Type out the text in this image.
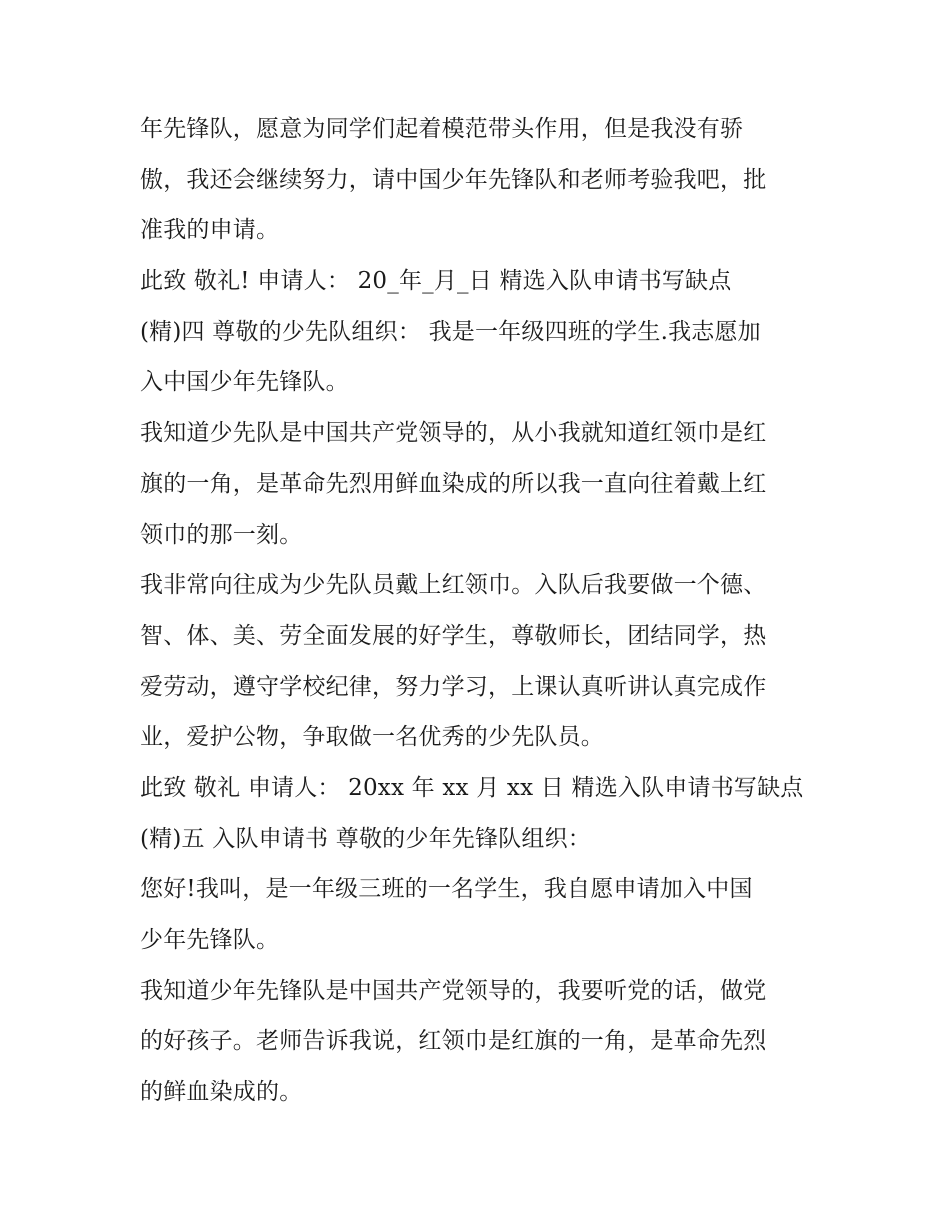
年先锋队，愿意为同学们起着模范带头作用，但是我没有骄
傲，我还会继续努力，请中国少年先锋队和老师考验我吧，批
准我的申请。
此致 敬礼! 申请人： 20_年_月_日 精选入队申请书写缺点
(精)四 尊敬的少先队组织： 我是一年级四班的学生.我志愿加
入中国少年先锋队。
我知道少先队是中国共产党领导的，从小我就知道红领巾是红
旗的一角，是革命先烈用鲜血染成的所以我一直向往着戴上红
领巾的那一刻。
我非常向往成为少先队员戴上红领巾。入队后我要做一个德、
智、体、美、劳全面发展的好学生，尊敬师长，团结同学，热
爱劳动，遵守学校纪律，努力学习，上课认真听讲认真完成作
业，爱护公物，争取做一名优秀的少先队员。
此致 敬礼 申请人： 20xx 年 xx 月 xx 日 精选入队申请书写缺点
(精)五 入队申请书 尊敬的少年先锋队组织：
您好!我叫，是一年级三班的一名学生，我自愿申请加入中国
少年先锋队。
我知道少年先锋队是中国共产党领导的，我要听党的话，做党
的好孩子。老师告诉我说，红领巾是红旗的一角，是革命先烈
的鲜血染成的。
